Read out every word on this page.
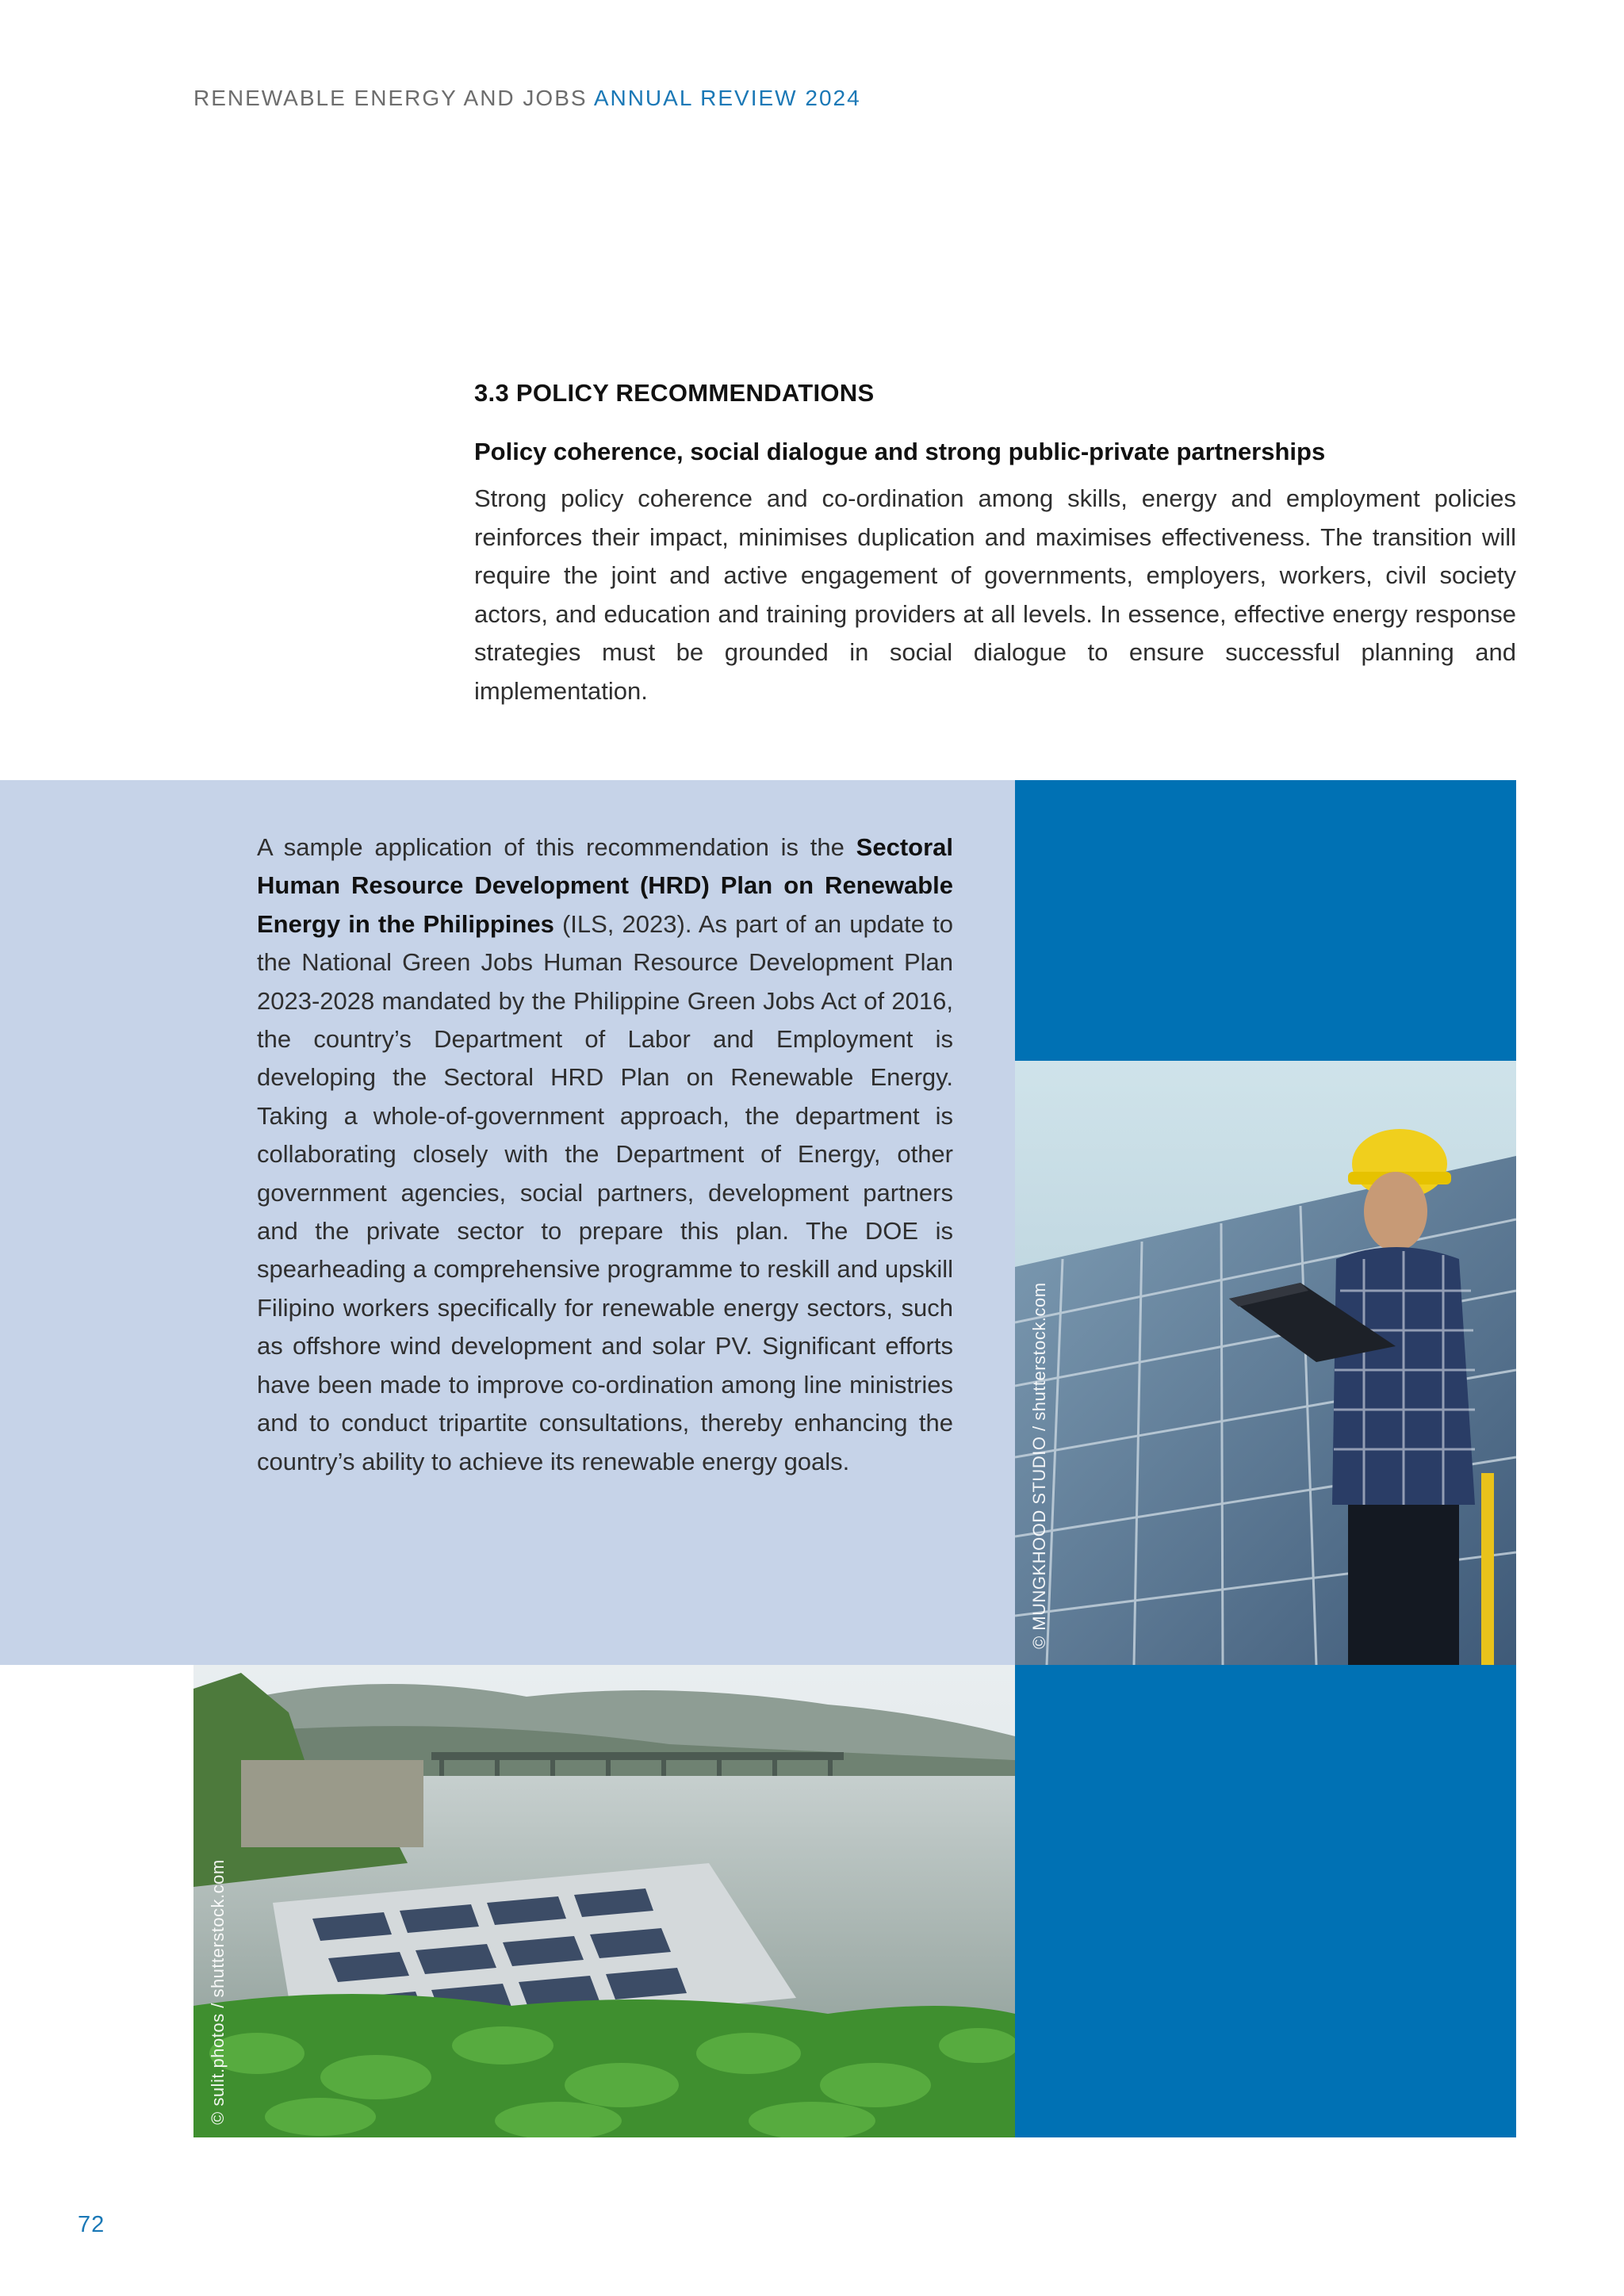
RENEWABLE ENERGY AND JOBS ANNUAL REVIEW 2024
3.3 POLICY RECOMMENDATIONS
Policy coherence, social dialogue and strong public-private partnerships

Strong policy coherence and co-ordination among skills, energy and employment policies reinforces their impact, minimises duplication and maximises effectiveness. The transition will require the joint and active engagement of governments, employers, workers, civil society actors, and education and training providers at all levels. In essence, effective energy response strategies must be grounded in social dialogue to ensure successful planning and implementation.

A sample application of this recommendation is the Sectoral Human Resource Development (HRD) Plan on Renewable Energy in the Philippines (ILS, 2023). As part of an update to the National Green Jobs Human Resource Development Plan 2023-2028 mandated by the Philippine Green Jobs Act of 2016, the country’s Department of Labor and Employment is developing the Sectoral HRD Plan on Renewable Energy. Taking a whole-of-government approach, the department is collaborating closely with the Department of Energy, other government agencies, social partners, development partners and the private sector to prepare this plan. The DOE is spearheading a comprehensive programme to reskill and upskill Filipino workers specifically for renewable energy sectors, such as offshore wind development and solar PV. Significant efforts have been made to improve co-ordination among line ministries and to conduct tripartite consultations, thereby enhancing the country’s ability to achieve its renewable energy goals.	© MUNGKHOOD STUDIO / shutterstock.com
© sulit.photos / shutterstock.com
72
